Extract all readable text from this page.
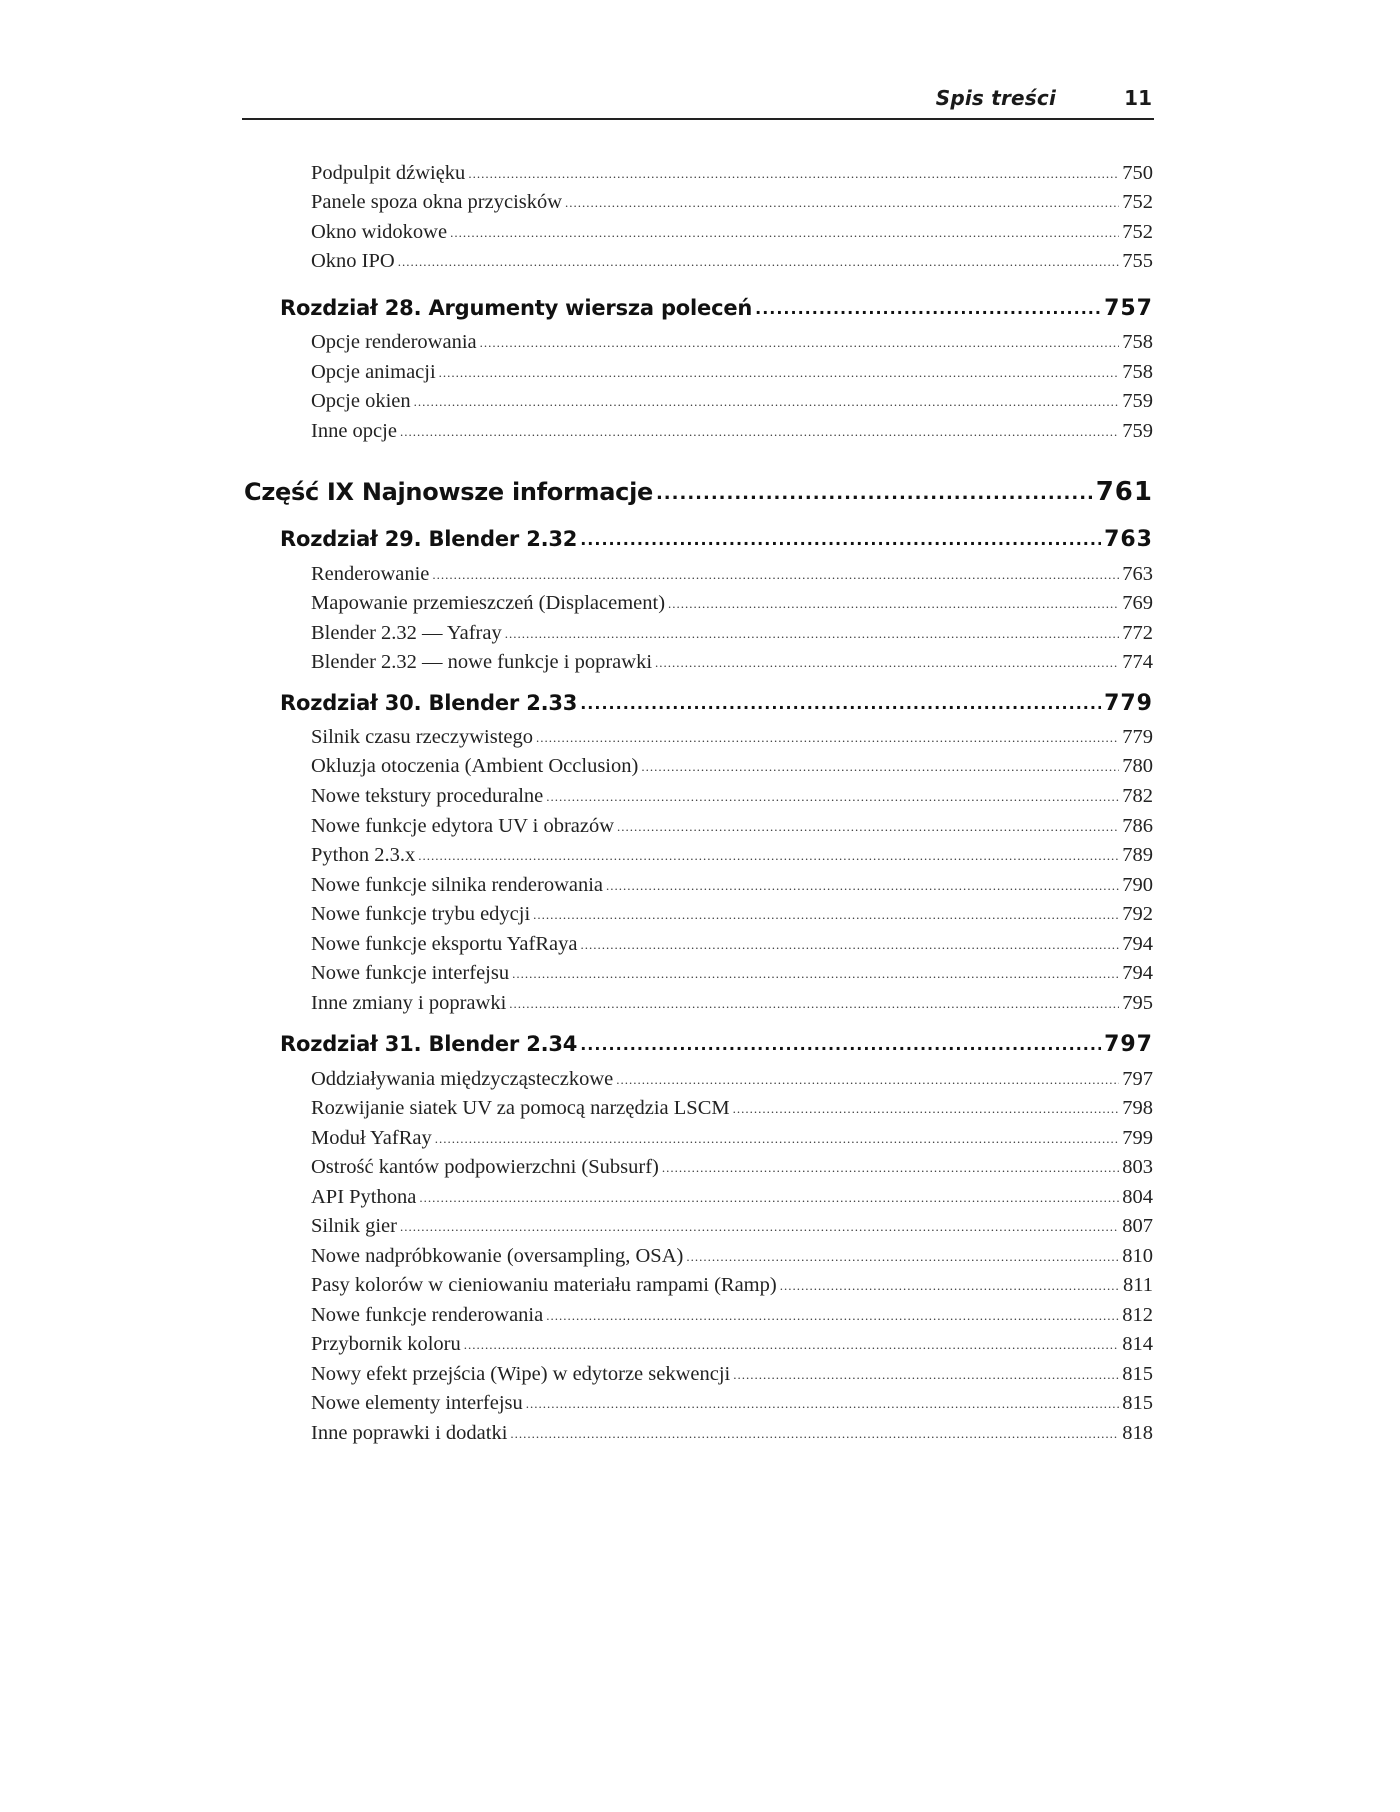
Spis treści	11
Podpulpit dźwięku .....	750
Panele spoza okna przycisków .....	752
Okno widokowe .....	752
Okno IPO .....	755
Rozdział 28. Argumenty wiersza poleceń .....	757
Opcje renderowania .....	758
Opcje animacji .....	758
Opcje okien .....	759
Inne opcje .....	759
Część IX Najnowsze informacje .....	761
Rozdział 29. Blender 2.32 .....	763
Renderowanie .....	763
Mapowanie przemieszczeń (Displacement) .....	769
Blender 2.32 — Yafray .....	772
Blender 2.32 — nowe funkcje i poprawki .....	774
Rozdział 30. Blender 2.33 .....	779
Silnik czasu rzeczywistego .....	779
Okluzja otoczenia (Ambient Occlusion) .....	780
Nowe tekstury proceduralne .....	782
Nowe funkcje edytora UV i obrazów .....	786
Python 2.3.x .....	789
Nowe funkcje silnika renderowania .....	790
Nowe funkcje trybu edycji .....	792
Nowe funkcje eksportu YafRaya .....	794
Nowe funkcje interfejsu .....	794
Inne zmiany i poprawki .....	795
Rozdział 31. Blender 2.34 .....	797
Oddziaływania międzycząsteczkowe .....	797
Rozwijanie siatek UV za pomocą narzędzia LSCM .....	798
Moduł YafRay .....	799
Ostrość kantów podpowierzchni (Subsurf) .....	803
API Pythona .....	804
Silnik gier .....	807
Nowe nadpróbkowanie (oversampling, OSA) .....	810
Pasy kolorów w cieniowaniu materiału rampami (Ramp) .....	811
Nowe funkcje renderowania .....	812
Przybornik koloru .....	814
Nowy efekt przejścia (Wipe) w edytorze sekwencji .....	815
Nowe elementy interfejsu .....	815
Inne poprawki i dodatki .....	818
